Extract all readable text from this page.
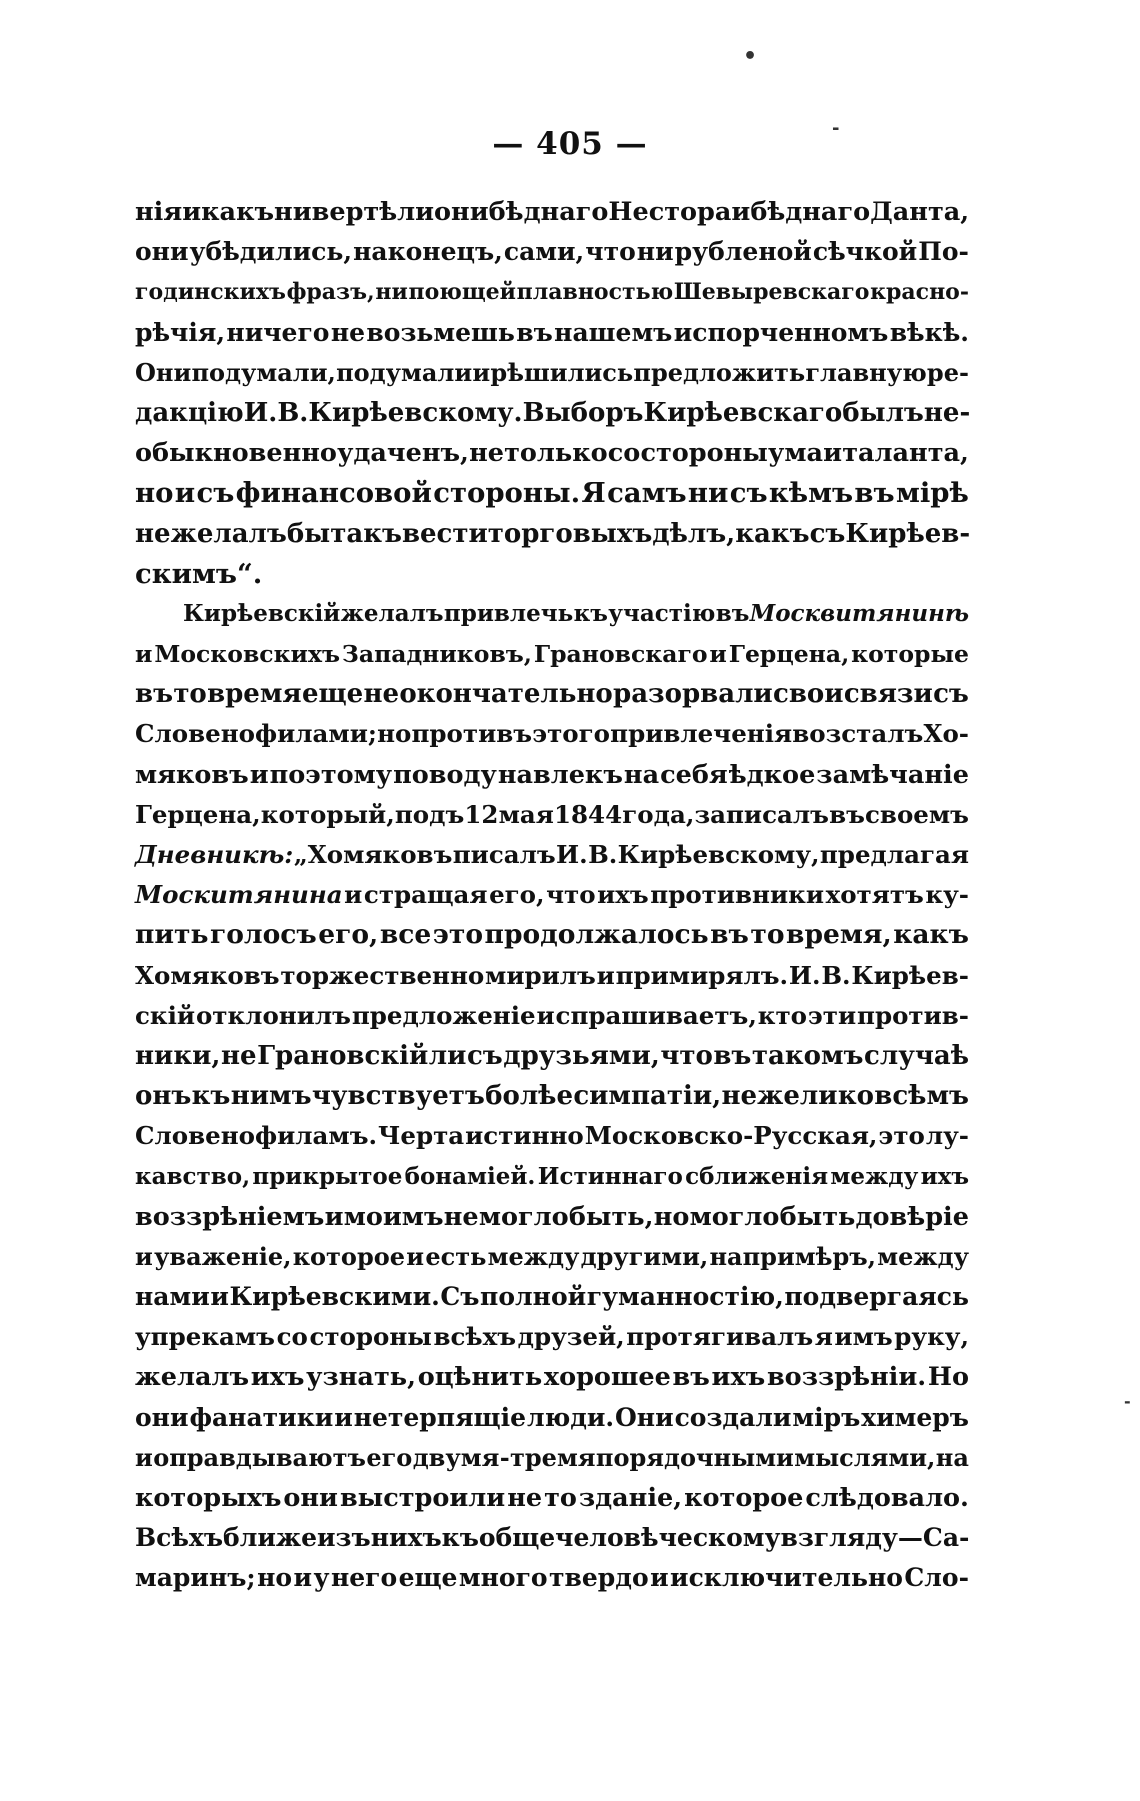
•
-
-
— 405 —
нія и какъ ни вертѣли они бѣднаго Нестора и бѣднаго Данта,
они убѣдились, наконецъ, сами, что ни рубленой сѣчкой По-
годинскихъ фразъ, ни поющей плавностью Шевыревскаго красно-
рѣчія, ничего не возьмешь въ нашемъ испорченномъ вѣкѣ.
Они подумали, подумали и рѣшились предложить главную ре-
дакцію И. В. Кирѣевскому. Выборъ Кирѣевскаго былъ не-
обыкновенно удаченъ, не только со стороны ума и таланта,
но и съ финансовой стороны. Я самъ ни съ кѣмъ въ мірѣ
не желалъ бы такъ вести торговыхъ дѣлъ, какъ съ Кирѣев-
скимъ“.
Кирѣевскій желалъ привлечь къ участію въ Москвитянинѣ
и Московскихъ Западниковъ, Грановскаго и Герцена, которые
въ то время еще не окончательно разорвали свои связи съ
Словенофилами; но противъ этого привлеченія возсталъ Хо-
мяковъ и поэтому поводу навлекъ на себя ѣдкое замѣчаніе
Герцена, который, подъ 12 мая 1844 года, записалъ въ своемъ
Дневникѣ: „Хомяковъ писалъ И. В. Кирѣевскому, предлагая
Москитянина и стращая его, что ихъ противники хотятъ ку-
пить голосъ его, все это продолжалось въ то время, какъ
Хомяковъ торжественно мирилъ и примирялъ. И. В. Кирѣев-
скій отклонилъ предложеніе и спрашиваетъ, кто эти против-
ники, не Грановскій ли съ друзьями, что въ такомъ случаѣ
онъ къ нимъ чувствуетъ болѣе симпатіи, нежели ко всѣмъ
Словенофиламъ. Черта истинно Московско-Русская, это лу-
кавство, прикрытое бонаміей. Истиннаго сближенія между ихъ
воззрѣніемъ и моимъ не могло быть, но могло быть довѣріе
и уваженіе, которое и есть между другими, напримѣръ, между
нами и Кирѣевскими. Съ полной гуманностію, подвергаясь
упрекамъ со стороны всѣхъ друзей, протягивалъ я имъ руку,
желалъ ихъ узнать, оцѣнить хорошее въ ихъ воззрѣніи. Но
они фанатики и нетерпящіе люди. Они создали міръ химеръ
и оправдываютъ его двумя - тремя порядочными мыслями, на
которыхъ они выстроили не то зданіе, которое слѣдовало.
Всѣхъ ближе изъ нихъ къ общечеловѣческому взгляду—Са-
маринъ; но и у него еще много твердо и исключительно Сло-
